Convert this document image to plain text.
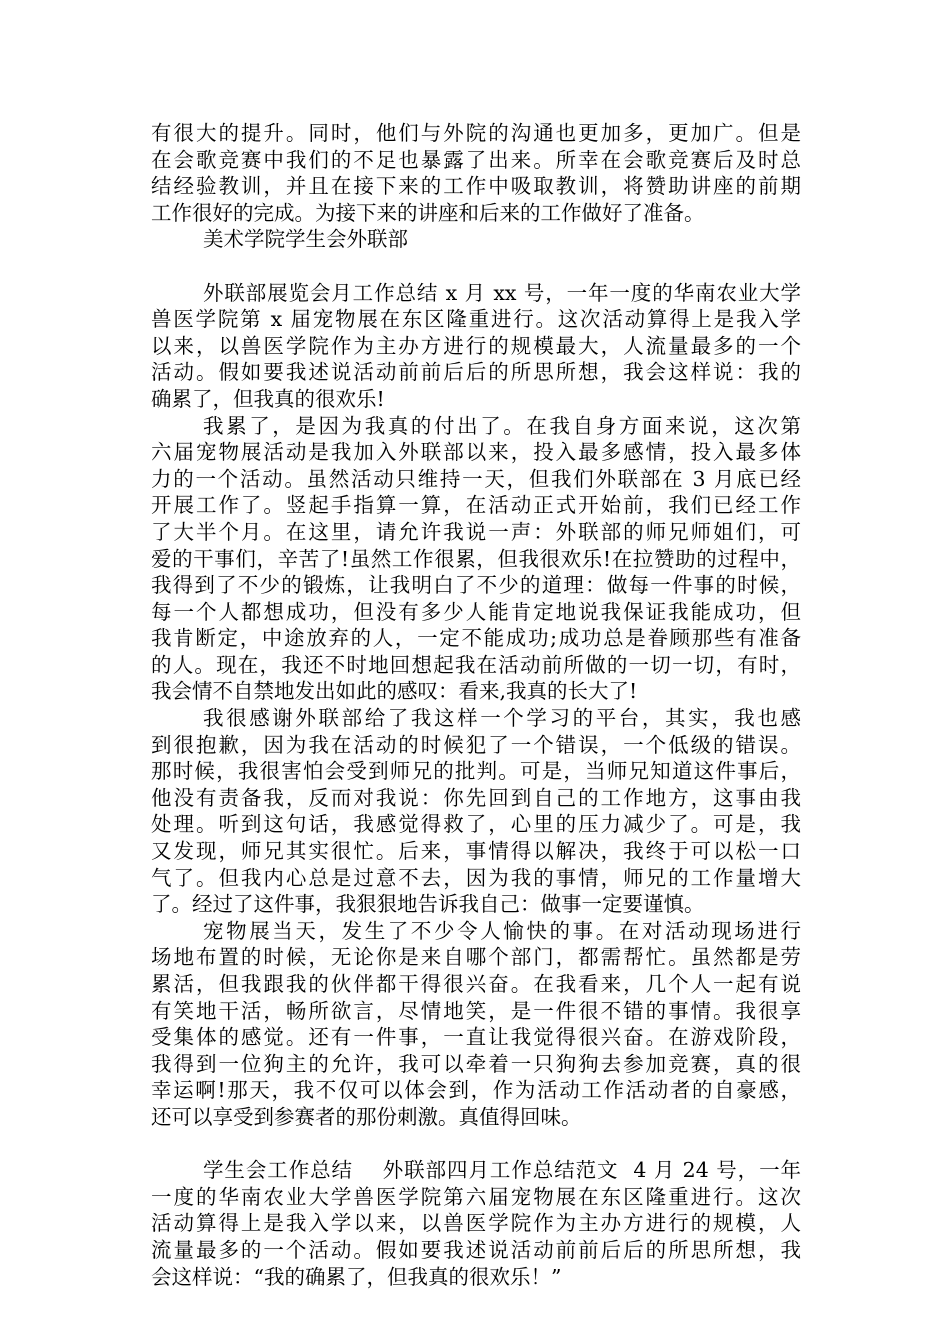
有很大的提升。同时，他们与外院的沟通也更加多，更加广。但是

在会歌竞赛中我们的不足也暴露了出来。所幸在会歌竞赛后及时总

结经验教训，并且在接下来的工作中吸取教训，将赞助讲座的前期

工作很好的完成。为接下来的讲座和后来的工作做好了准备。

美术学院学生会外联部

外联部展览会月工作总结 x 月 xx 号，一年一度的华南农业大学

兽医学院第 x 届宠物展在东区隆重进行。这次活动算得上是我入学

以来，以兽医学院作为主办方进行的规模最大，人流量最多的一个

活动。假如要我述说活动前前后后的所思所想，我会这样说：我的

确累了，但我真的很欢乐!

我累了，是因为我真的付出了。在我自身方面来说，这次第

六届宠物展活动是我加入外联部以来，投入最多感情，投入最多体

力的一个活动。虽然活动只维持一天，但我们外联部在 3 月底已经

开展工作了。竖起手指算一算，在活动正式开始前，我们已经工作

了大半个月。在这里，请允许我说一声：外联部的师兄师姐们，可

爱的干事们，辛苦了!虽然工作很累，但我很欢乐!在拉赞助的过程中，

我得到了不少的锻炼，让我明白了不少的道理：做每一件事的时候，

每一个人都想成功，但没有多少人能肯定地说我保证我能成功，但

我肯断定，中途放弃的人，一定不能成功;成功总是眷顾那些有准备

的人。现在，我还不时地回想起我在活动前所做的一切一切，有时，

我会情不自禁地发出如此的感叹：看来,我真的长大了!

我很感谢外联部给了我这样一个学习的平台，其实，我也感

到很抱歉，因为我在活动的时候犯了一个错误，一个低级的错误。

那时候，我很害怕会受到师兄的批判。可是，当师兄知道这件事后，

他没有责备我，反而对我说：你先回到自己的工作地方，这事由我

处理。听到这句话，我感觉得救了，心里的压力减少了。可是，我

又发现，师兄其实很忙。后来，事情得以解决，我终于可以松一口

气了。但我内心总是过意不去，因为我的事情，师兄的工作量增大

了。经过了这件事，我狠狠地告诉我自己：做事一定要谨慎。

宠物展当天，发生了不少令人愉快的事。在对活动现场进行

场地布置的时候，无论你是来自哪个部门，都需帮忙。虽然都是劳

累活，但我跟我的伙伴都干得很兴奋。在我看来，几个人一起有说

有笑地干活，畅所欲言，尽情地笑，是一件很不错的事情。我很享

受集体的感觉。还有一件事，一直让我觉得很兴奋。在游戏阶段，

我得到一位狗主的允许，我可以牵着一只狗狗去参加竞赛，真的很

幸运啊!那天，我不仅可以体会到，作为活动工作活动者的自豪感，

还可以享受到参赛者的那份刺激。真值得回味。

学生会工作总结    外联部四月工作总结范文  4 月 24 号，一年

一度的华南农业大学兽医学院第六届宠物展在东区隆重进行。这次

活动算得上是我入学以来，以兽医学院作为主办方进行的规模，人

流量最多的一个活动。假如要我述说活动前前后后的所思所想，我

会这样说：“我的确累了，但我真的很欢乐！”
